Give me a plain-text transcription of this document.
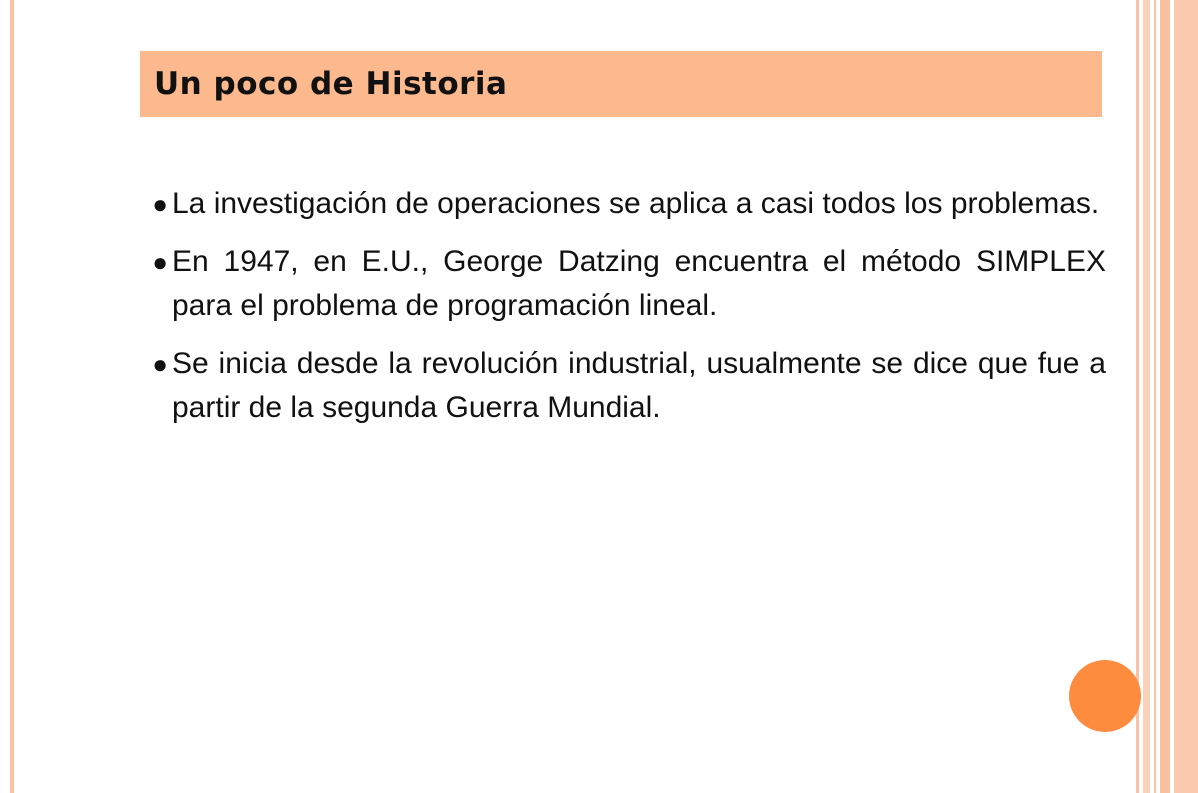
Un poco de Historia
● La investigación de operaciones se aplica a casi todos los problemas.
● En 1947, en E.U., George Datzing encuentra el método SIMPLEX para el problema de programación lineal.
● Se inicia desde la revolución industrial, usualmente se dice que fue a partir de la segunda Guerra Mundial.
